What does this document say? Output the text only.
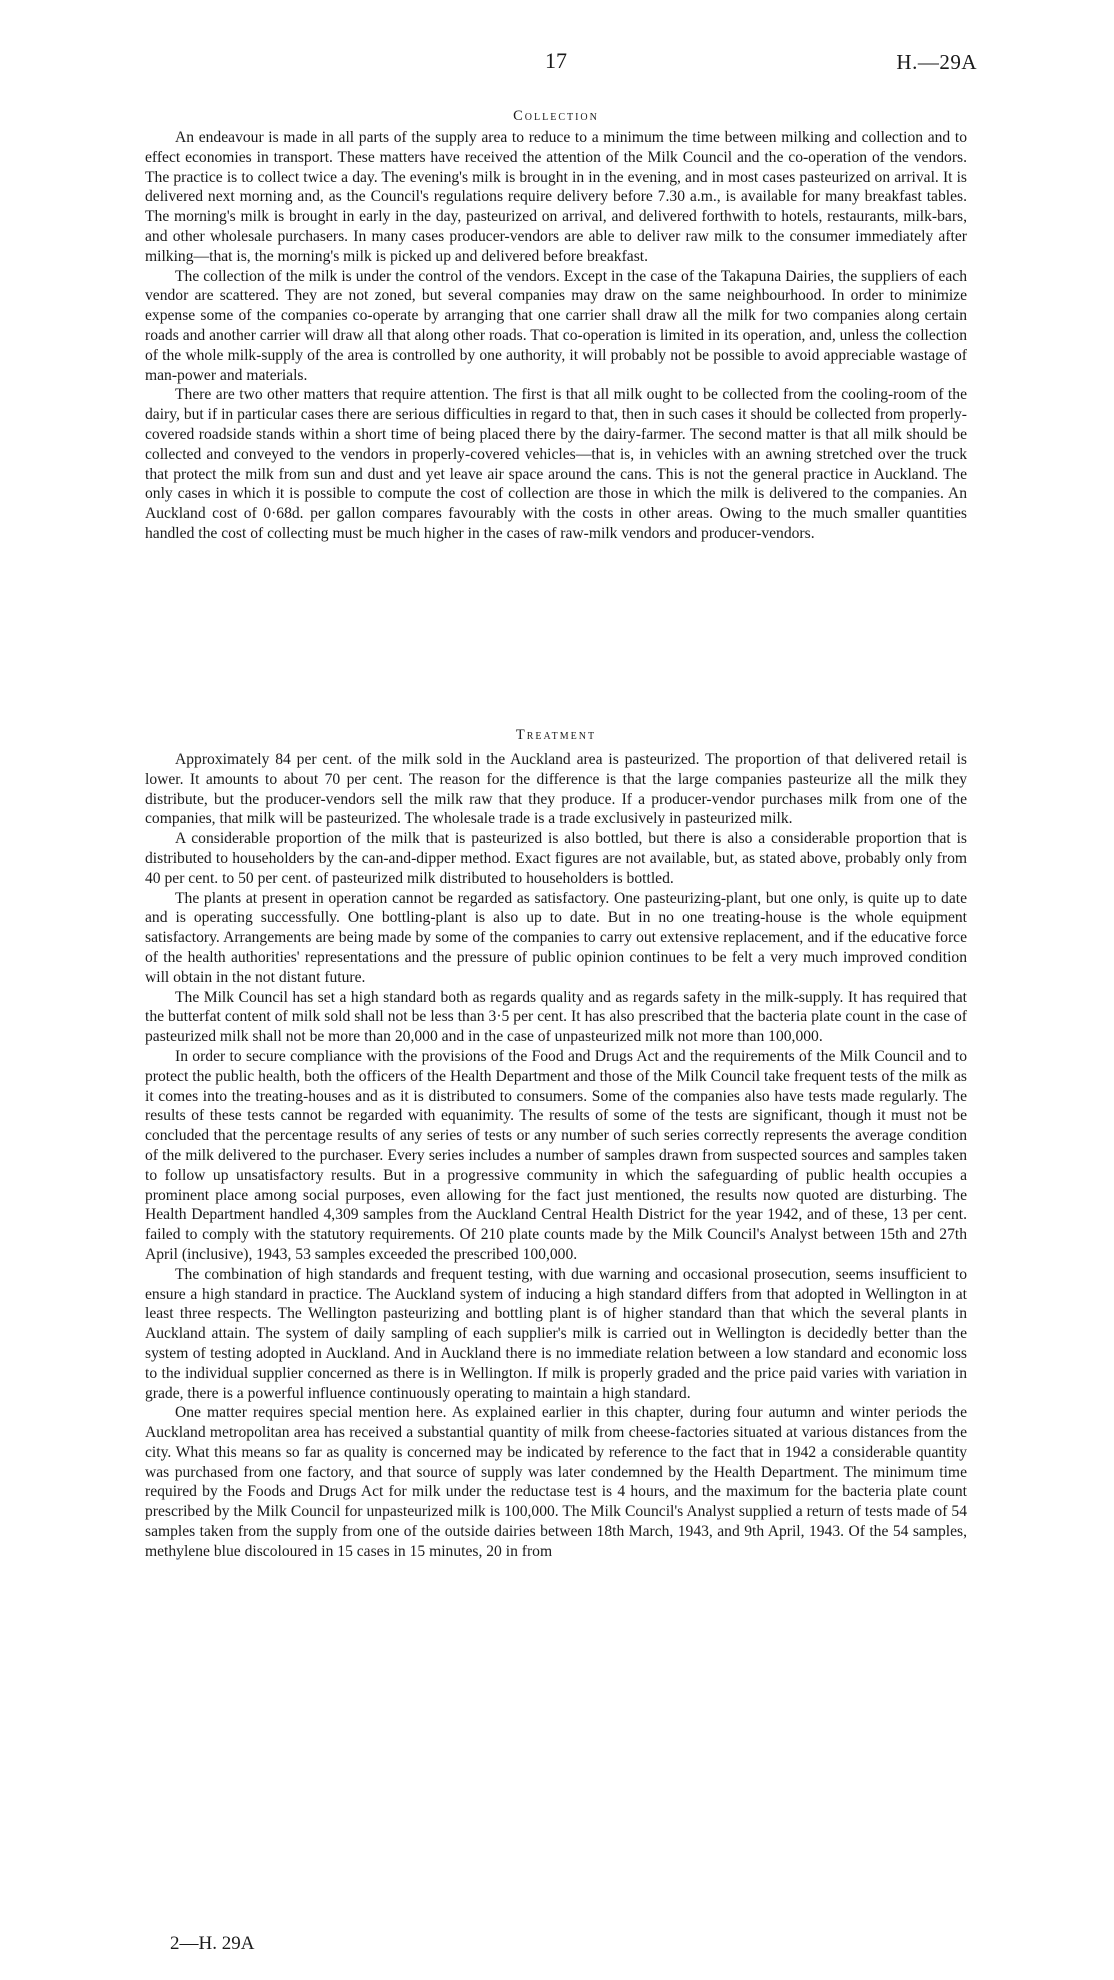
17	H.—29A
Collection

An endeavour is made in all parts of the supply area to reduce to a minimum the time between milking and collection and to effect economies in transport. These matters have received the attention of the Milk Council and the co-operation of the vendors. The practice is to collect twice a day. The evening's milk is brought in in the evening, and in most cases pasteurized on arrival. It is delivered next morning and, as the Council's regulations require delivery before 7.30 a.m., is available for many breakfast tables. The morning's milk is brought in early in the day, pasteurized on arrival, and delivered forthwith to hotels, restaurants, milk-bars, and other wholesale purchasers. In many cases producer-vendors are able to deliver raw milk to the consumer immediately after milking—that is, the morning's milk is picked up and delivered before breakfast.

The collection of the milk is under the control of the vendors. Except in the case of the Takapuna Dairies, the suppliers of each vendor are scattered. They are not zoned, but several companies may draw on the same neighbourhood. In order to minimize expense some of the companies co-operate by arranging that one carrier shall draw all the milk for two companies along certain roads and another carrier will draw all that along other roads. That co-operation is limited in its operation, and, unless the collection of the whole milk-supply of the area is controlled by one authority, it will probably not be possible to avoid appreciable wastage of man-power and materials.

There are two other matters that require attention. The first is that all milk ought to be collected from the cooling-room of the dairy, but if in particular cases there are serious difficulties in regard to that, then in such cases it should be collected from properly-covered roadside stands within a short time of being placed there by the dairy-farmer. The second matter is that all milk should be collected and conveyed to the vendors in properly-covered vehicles—that is, in vehicles with an awning stretched over the truck that protect the milk from sun and dust and yet leave air space around the cans. This is not the general practice in Auckland. The only cases in which it is possible to compute the cost of collection are those in which the milk is delivered to the companies. An Auckland cost of 0·68d. per gallon compares favourably with the costs in other areas. Owing to the much smaller quantities handled the cost of collecting must be much higher in the cases of raw-milk vendors and producer-vendors.

Treatment

Approximately 84 per cent. of the milk sold in the Auckland area is pasteurized. The proportion of that delivered retail is lower. It amounts to about 70 per cent. The reason for the difference is that the large companies pasteurize all the milk they distribute, but the producer-vendors sell the milk raw that they produce. If a producer-vendor purchases milk from one of the companies, that milk will be pasteurized. The wholesale trade is a trade exclusively in pasteurized milk.

A considerable proportion of the milk that is pasteurized is also bottled, but there is also a considerable proportion that is distributed to householders by the can-and-dipper method. Exact figures are not available, but, as stated above, probably only from 40 per cent. to 50 per cent. of pasteurized milk distributed to householders is bottled.

The plants at present in operation cannot be regarded as satisfactory. One pasteurizing-plant, but one only, is quite up to date and is operating successfully. One bottling-plant is also up to date. But in no one treating-house is the whole equipment satisfactory. Arrangements are being made by some of the companies to carry out extensive replacement, and if the educative force of the health authorities' representations and the pressure of public opinion continues to be felt a very much improved condition will obtain in the not distant future.

The Milk Council has set a high standard both as regards quality and as regards safety in the milk-supply. It has required that the butterfat content of milk sold shall not be less than 3·5 per cent. It has also prescribed that the bacteria plate count in the case of pasteurized milk shall not be more than 20,000 and in the case of unpasteurized milk not more than 100,000.

In order to secure compliance with the provisions of the Food and Drugs Act and the requirements of the Milk Council and to protect the public health, both the officers of the Health Department and those of the Milk Council take frequent tests of the milk as it comes into the treating-houses and as it is distributed to consumers. Some of the companies also have tests made regularly. The results of these tests cannot be regarded with equanimity. The results of some of the tests are significant, though it must not be concluded that the percentage results of any series of tests or any number of such series correctly represents the average condition of the milk delivered to the purchaser. Every series includes a number of samples drawn from suspected sources and samples taken to follow up unsatisfactory results. But in a progressive community in which the safeguarding of public health occupies a prominent place among social purposes, even allowing for the fact just mentioned, the results now quoted are disturbing. The Health Department handled 4,309 samples from the Auckland Central Health District for the year 1942, and of these, 13 per cent. failed to comply with the statutory requirements. Of 210 plate counts made by the Milk Council's Analyst between 15th and 27th April (inclusive), 1943, 53 samples exceeded the prescribed 100,000.

The combination of high standards and frequent testing, with due warning and occasional prosecution, seems insufficient to ensure a high standard in practice. The Auckland system of inducing a high standard differs from that adopted in Wellington in at least three respects. The Wellington pasteurizing and bottling plant is of higher standard than that which the several plants in Auckland attain. The system of daily sampling of each supplier's milk is carried out in Wellington is decidedly better than the system of testing adopted in Auckland. And in Auckland there is no immediate relation between a low standard and economic loss to the individual supplier concerned as there is in Wellington. If milk is properly graded and the price paid varies with variation in grade, there is a powerful influence continuously operating to maintain a high standard.

One matter requires special mention here. As explained earlier in this chapter, during four autumn and winter periods the Auckland metropolitan area has received a substantial quantity of milk from cheese-factories situated at various distances from the city. What this means so far as quality is concerned may be indicated by reference to the fact that in 1942 a considerable quantity was purchased from one factory, and that source of supply was later condemned by the Health Department. The minimum time required by the Foods and Drugs Act for milk under the reductase test is 4 hours, and the maximum for the bacteria plate count prescribed by the Milk Council for unpasteurized milk is 100,000. The Milk Council's Analyst supplied a return of tests made of 54 samples taken from the supply from one of the outside dairies between 18th March, 1943, and 9th April, 1943. Of the 54 samples, methylene blue discoloured in 15 cases in 15 minutes, 20 in from

2—H. 29A
